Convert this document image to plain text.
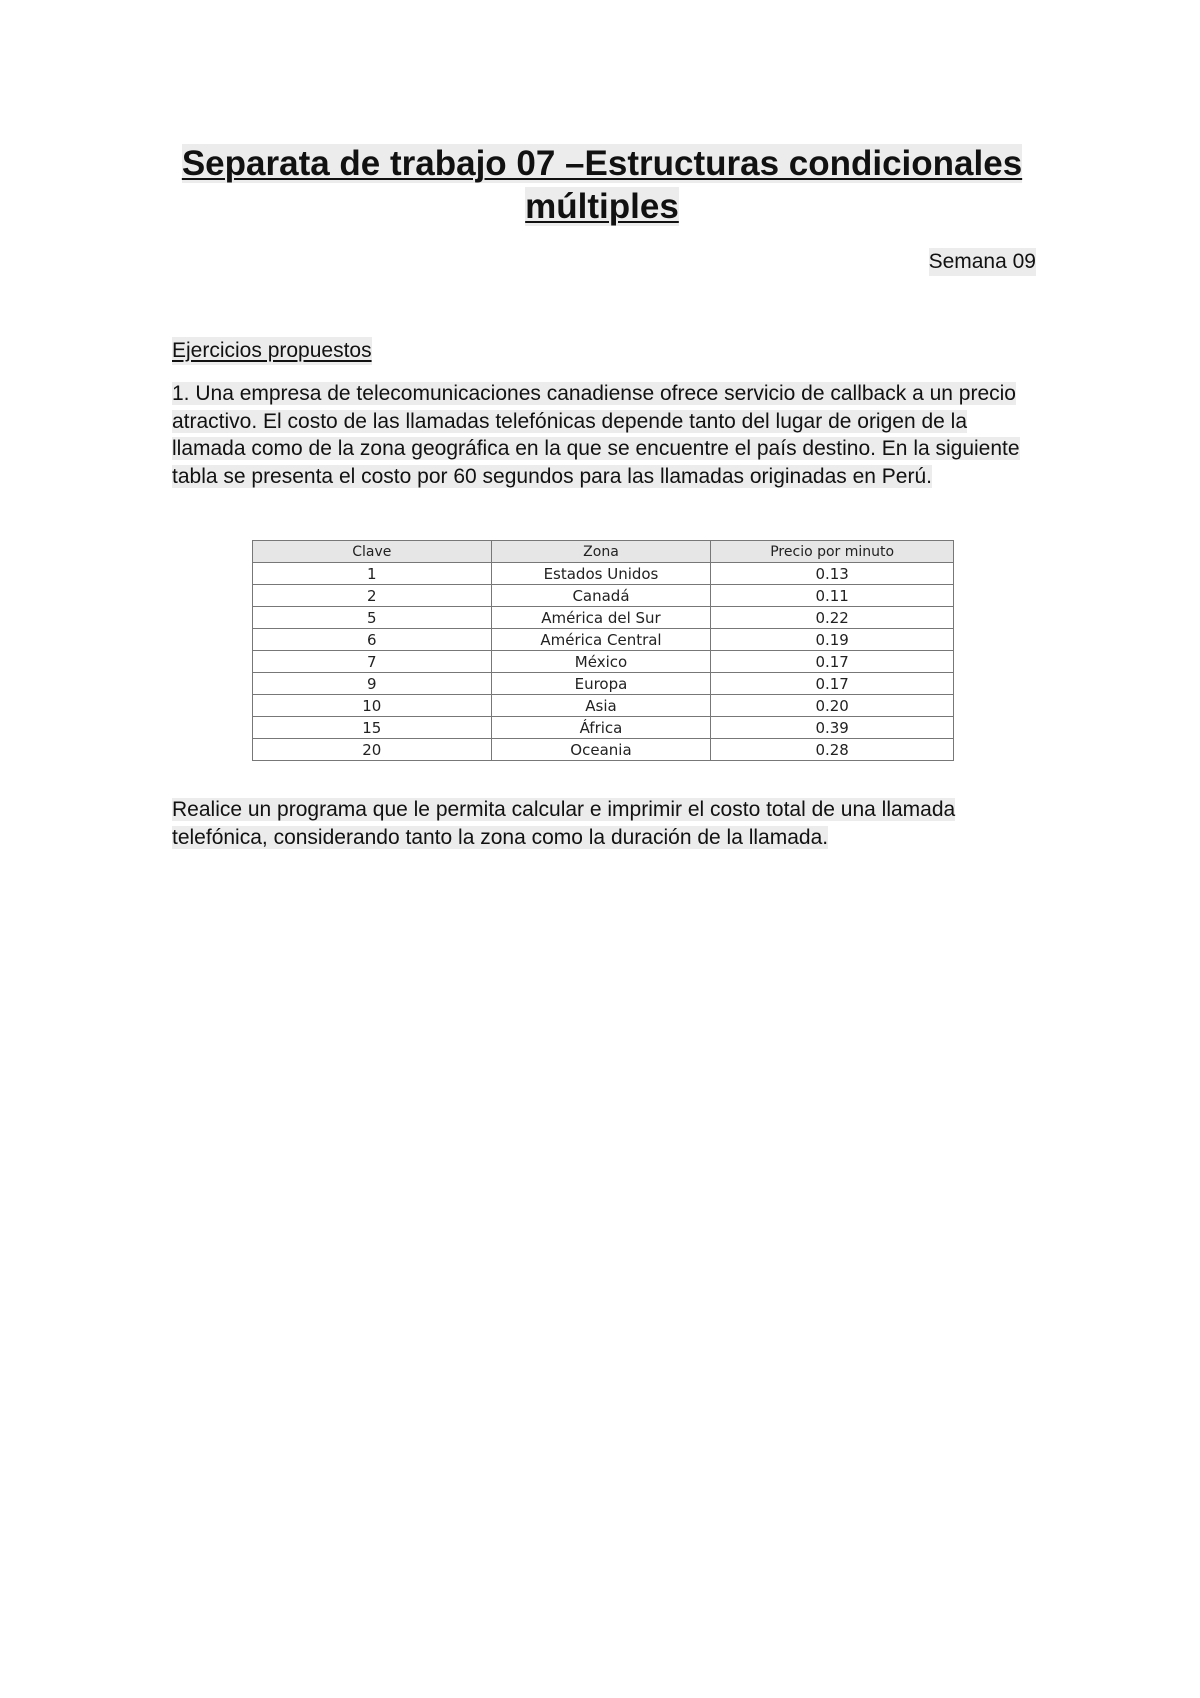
Separata de trabajo 07 –Estructuras condicionales múltiples
Semana 09
Ejercicios propuestos

1. Una empresa de telecomunicaciones canadiense ofrece servicio de callback a un precio atractivo. El costo de las llamadas telefónicas depende tanto del lugar de origen de la llamada como de la zona geográfica en la que se encuentre el país destino. En la siguiente tabla se presenta el costo por 60 segundos para las llamadas originadas en Perú.

Clave	Zona	Precio por minuto
1	Estados Unidos	0.13
2	Canadá	0.11
5	América del Sur	0.22
6	América Central	0.19
7	México	0.17
9	Europa	0.17
10	Asia	0.20
15	África	0.39
20	Oceania	0.28

Realice un programa que le permita calcular e imprimir el costo total de una llamada telefónica, considerando tanto la zona como la duración de la llamada.
